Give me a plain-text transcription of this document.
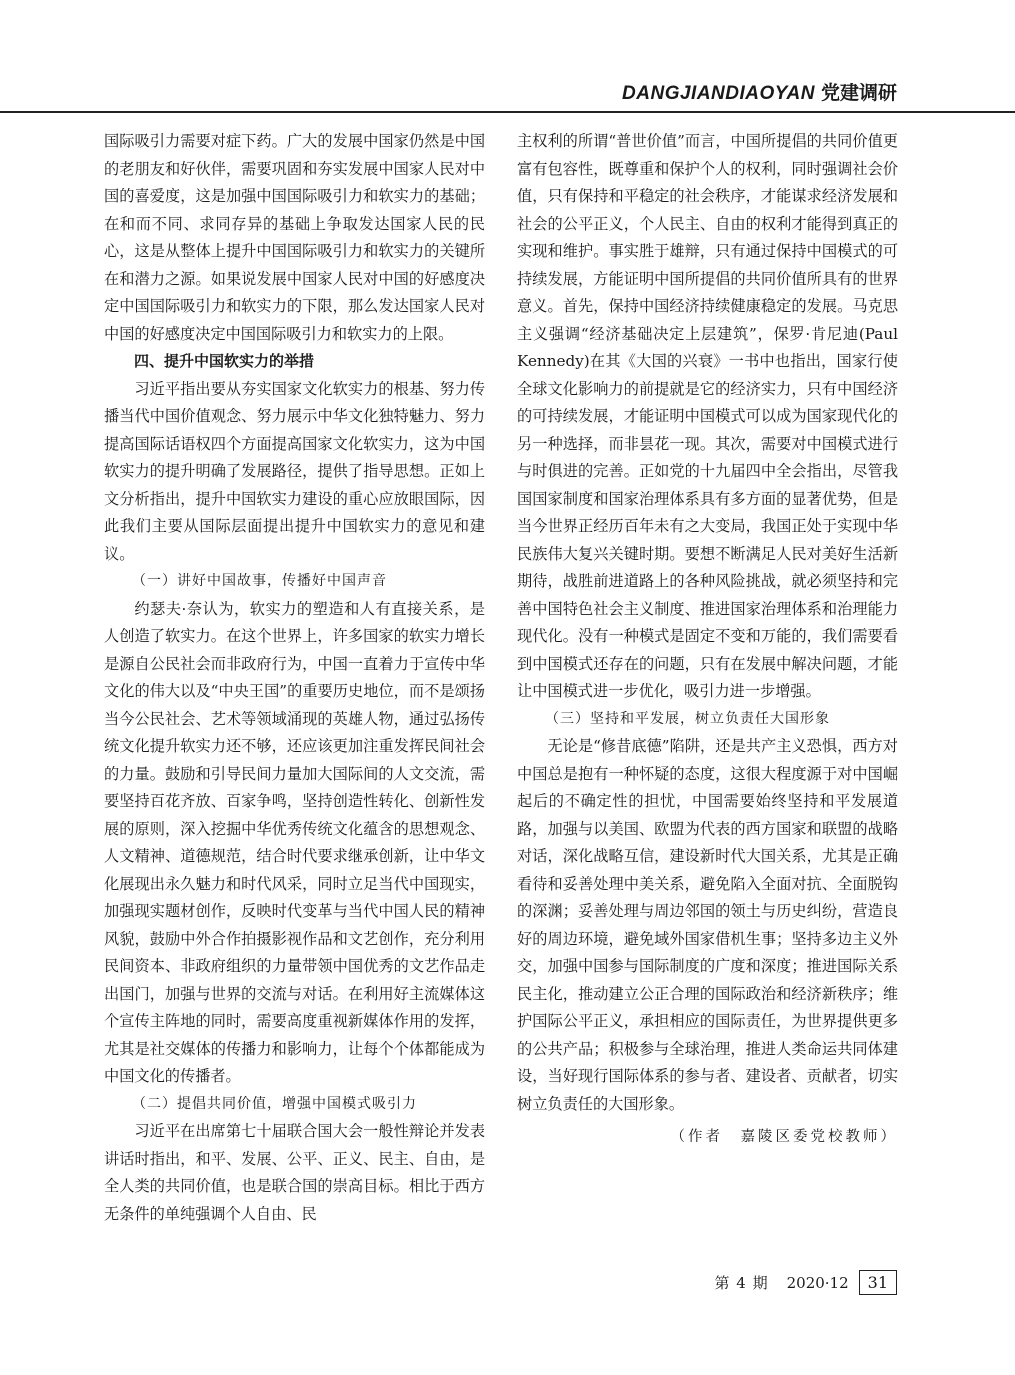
DANGJIANDIAOYAN 党建调研

国际吸引力需要对症下药。广大的发展中国家仍然是中国的老朋友和好伙伴，需要巩固和夯实发展中国家人民对中国的喜爱度，这是加强中国国际吸引力和软实力的基础；在和而不同、求同存异的基础上争取发达国家人民的民心，这是从整体上提升中国国际吸引力和软实力的关键所在和潜力之源。如果说发展中国家人民对中国的好感度决定中国国际吸引力和软实力的下限，那么发达国家人民对中国的好感度决定中国国际吸引力和软实力的上限。

四、提升中国软实力的举措

习近平指出要从夯实国家文化软实力的根基、努力传播当代中国价值观念、努力展示中华文化独特魅力、努力提高国际话语权四个方面提高国家文化软实力，这为中国软实力的提升明确了发展路径，提供了指导思想。正如上文分析指出，提升中国软实力建设的重心应放眼国际，因此我们主要从国际层面提出提升中国软实力的意见和建议。

（一）讲好中国故事，传播好中国声音

约瑟夫·奈认为，软实力的塑造和人有直接关系，是人创造了软实力。在这个世界上，许多国家的软实力增长是源自公民社会而非政府行为，中国一直着力于宣传中华文化的伟大以及“中央王国”的重要历史地位，而不是颂扬当今公民社会、艺术等领域涌现的英雄人物，通过弘扬传统文化提升软实力还不够，还应该更加注重发挥民间社会的力量。鼓励和引导民间力量加大国际间的人文交流，需要坚持百花齐放、百家争鸣，坚持创造性转化、创新性发展的原则，深入挖掘中华优秀传统文化蕴含的思想观念、人文精神、道德规范，结合时代要求继承创新，让中华文化展现出永久魅力和时代风采，同时立足当代中国现实，加强现实题材创作，反映时代变革与当代中国人民的精神风貌，鼓励中外合作拍摄影视作品和文艺创作，充分利用民间资本、非政府组织的力量带领中国优秀的文艺作品走出国门，加强与世界的交流与对话。在利用好主流媒体这个宣传主阵地的同时，需要高度重视新媒体作用的发挥，尤其是社交媒体的传播力和影响力，让每个个体都能成为中国文化的传播者。

（二）提倡共同价值，增强中国模式吸引力

习近平在出席第七十届联合国大会一般性辩论并发表讲话时指出，和平、发展、公平、正义、民主、自由，是全人类的共同价值，也是联合国的崇高目标。相比于西方无条件的单纯强调个人自由、民

主权利的所谓“普世价值”而言，中国所提倡的共同价值更富有包容性，既尊重和保护个人的权利，同时强调社会价值，只有保持和平稳定的社会秩序，才能谋求经济发展和社会的公平正义，个人民主、自由的权利才能得到真正的实现和维护。事实胜于雄辩，只有通过保持中国模式的可持续发展，方能证明中国所提倡的共同价值所具有的世界意义。首先，保持中国经济持续健康稳定的发展。马克思主义强调“经济基础决定上层建筑”，保罗·肯尼迪(Paul Kennedy)在其《大国的兴衰》一书中也指出，国家行使全球文化影响力的前提就是它的经济实力，只有中国经济的可持续发展，才能证明中国模式可以成为国家现代化的另一种选择，而非昙花一现。其次，需要对中国模式进行与时俱进的完善。正如党的十九届四中全会指出，尽管我国国家制度和国家治理体系具有多方面的显著优势，但是当今世界正经历百年未有之大变局，我国正处于实现中华民族伟大复兴关键时期。要想不断满足人民对美好生活新期待，战胜前进道路上的各种风险挑战，就必须坚持和完善中国特色社会主义制度、推进国家治理体系和治理能力现代化。没有一种模式是固定不变和万能的，我们需要看到中国模式还存在的问题，只有在发展中解决问题，才能让中国模式进一步优化，吸引力进一步增强。

（三）坚持和平发展，树立负责任大国形象

无论是“修昔底德”陷阱，还是共产主义恐惧，西方对中国总是抱有一种怀疑的态度，这很大程度源于对中国崛起后的不确定性的担忧，中国需要始终坚持和平发展道路，加强与以美国、欧盟为代表的西方国家和联盟的战略对话，深化战略互信，建设新时代大国关系，尤其是正确看待和妥善处理中美关系，避免陷入全面对抗、全面脱钩的深渊；妥善处理与周边邻国的领土与历史纠纷，营造良好的周边环境，避免域外国家借机生事；坚持多边主义外交，加强中国参与国际制度的广度和深度；推进国际关系民主化，推动建立公正合理的国际政治和经济新秩序；维护国际公平正义，承担相应的国际责任，为世界提供更多的公共产品；积极参与全球治理，推进人类命运共同体建设，当好现行国际体系的参与者、建设者、贡献者，切实树立负责任的大国形象。

（作者　嘉陵区委党校教师）

第 4 期 2020·12	31
